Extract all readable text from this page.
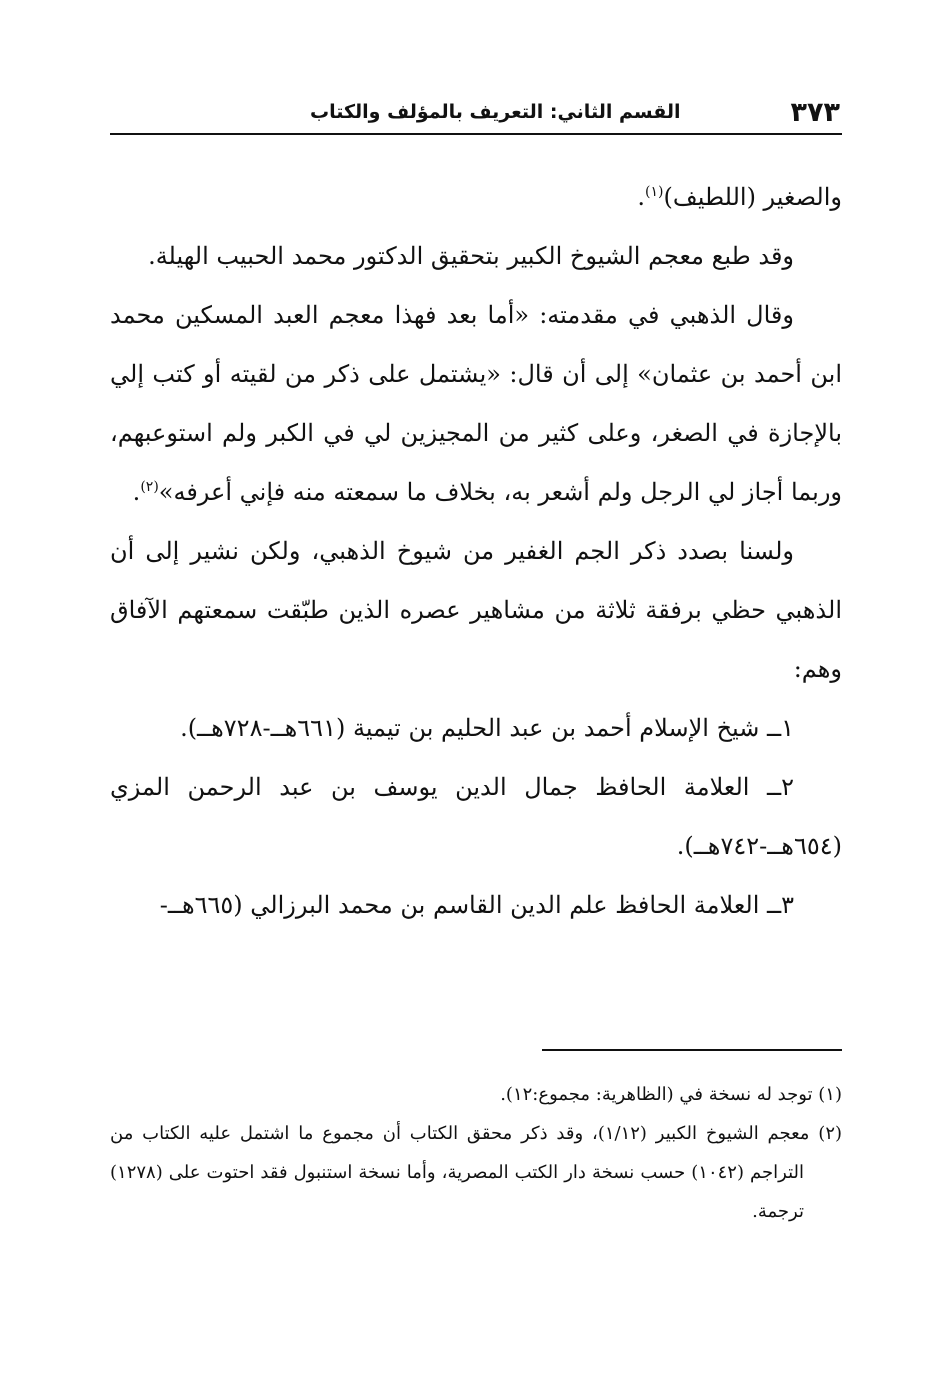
٣٧٣
القسم الثاني: التعريف بالمؤلف والكتاب

والصغير (اللطيف)$^{(١)}$.

وقد طبع معجم الشيوخ الكبير بتحقيق الدكتور محمد الحبيب الهيلة.

وقال الذهبي في مقدمته: «أما بعد فهذا معجم العبد المسكين محمد ابن أحمد بن عثمان» إلى أن قال: «يشتمل على ذكر من لقيته أو كتب إلي بالإجازة في الصغر، وعلى كثير من المجيزين لي في الكبر ولم استوعبهم، وربما أجاز لي الرجل ولم أشعر به، بخلاف ما سمعته منه فإني أعرفه»$^{(٢)}$.

ولسنا بصدد ذكر الجم الغفير من شيوخ الذهبي، ولكن نشير إلى أن الذهبي حظي برفقة ثلاثة من مشاهير عصره الذين طبّقت سمعتهم الآفاق وهم:

١ــ شيخ الإسلام أحمد بن عبد الحليم بن تيمية (٦٦١هــ-٧٢٨هــ).

٢ــ العلامة الحافظ جمال الدين يوسف بن عبد الرحمن المزي (٦٥٤هــ-٧٤٢هــ).

٣ــ العلامة الحافظ علم الدين القاسم بن محمد البرزالي (٦٦٥هــ-

(١) توجد له نسخة في (الظاهرية: مجموع:١٢).

(٢) معجم الشيوخ الكبير (١/١٢)، وقد ذكر محقق الكتاب أن مجموع ما اشتمل عليه الكتاب من التراجم (١٠٤٢) حسب نسخة دار الكتب المصرية، وأما نسخة استنبول فقد احتوت على (١٢٧٨) ترجمة.
